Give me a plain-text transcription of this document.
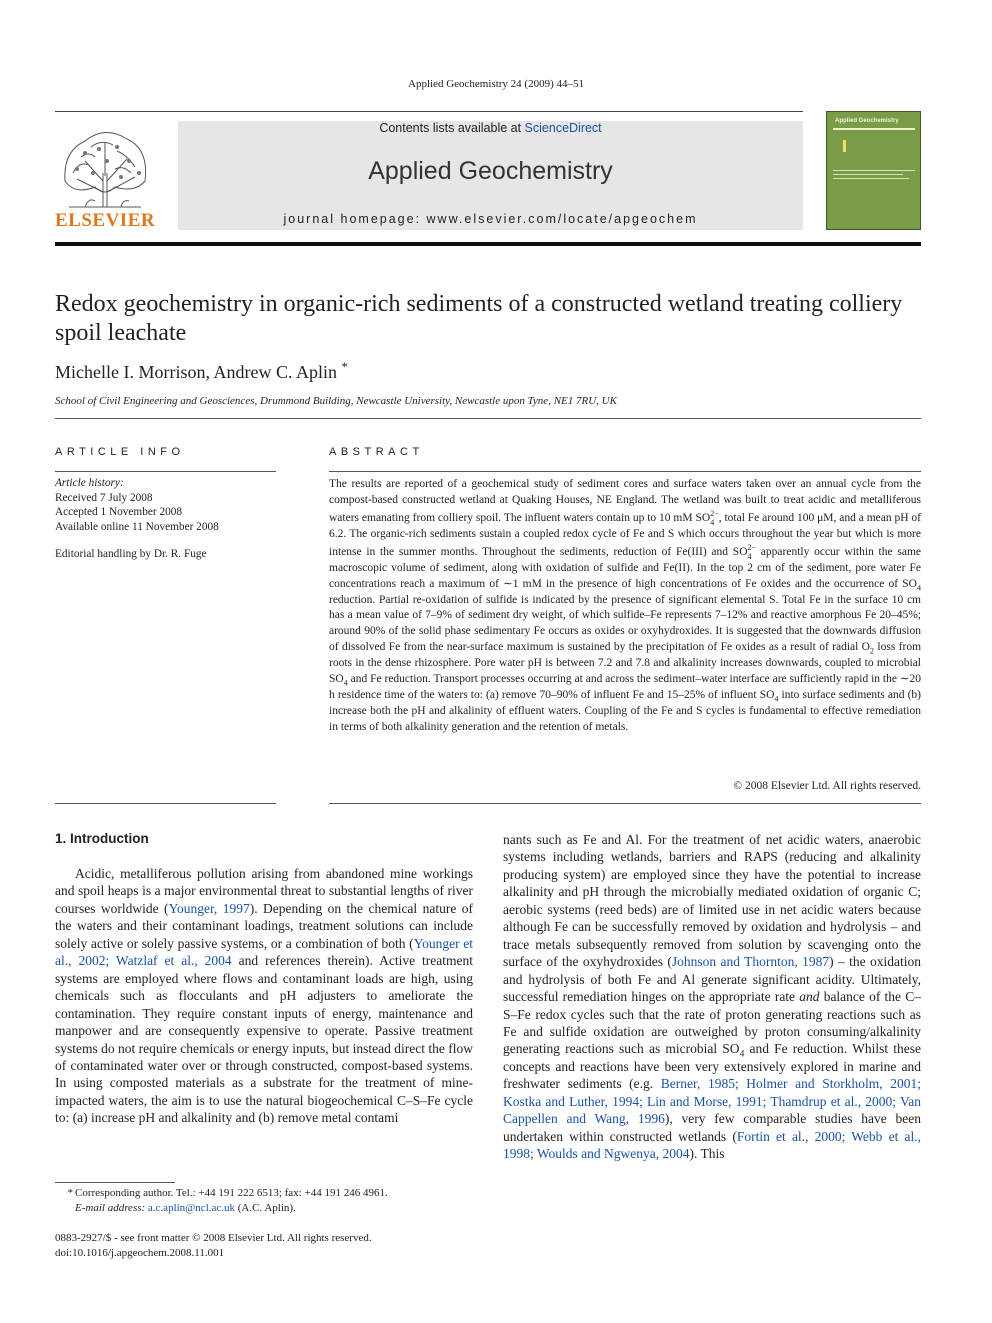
Applied Geochemistry 24 (2009) 44–51
ELSEVIER
Contents lists available at ScienceDirect
Applied Geochemistry
journal homepage: www.elsevier.com/locate/apgeochem
Applied Geochemistry
Redox geochemistry in organic-rich sediments of a constructed wetland treating colliery spoil leachate
Michelle I. Morrison, Andrew C. Aplin *
School of Civil Engineering and Geosciences, Drummond Building, Newcastle University, Newcastle upon Tyne, NE1 7RU, UK
ARTICLE INFO	ABSTRACT
Article history:
Received 7 July 2008
Accepted 1 November 2008
Available online 11 November 2008
Editorial handling by Dr. R. Fuge
The results are reported of a geochemical study of sediment cores and surface waters taken over an annual cycle from the compost-based constructed wetland at Quaking Houses, NE England. The wetland was built to treat acidic and metalliferous waters emanating from colliery spoil. The influent waters contain up to 10 mM SO 2−
4 , total Fe around 100 μM, and a mean pH of 6.2. The organic-rich sediments sustain a coupled redox cycle of Fe and S which occurs throughout the year but which is more intense in the summer months. Throughout the sediments, reduction of Fe(III) and SO 2−
4 apparently occur within the same macroscopic volume of sediment, along with oxidation of sulfide and Fe(II). In the top 2 cm of the sediment, pore water Fe concentrations reach a maximum of ∼1 mM in the presence of high concentrations of Fe oxides and the occurrence of $SO_4$ reduction. Partial re-oxidation of sulfide is indicated by the presence of significant elemental S. Total Fe in the surface 10 cm has a mean value of 7–9% of sediment dry weight, of which sulfide–Fe represents 7–12% and reactive amorphous Fe 20–45%; around 90% of the solid phase sedimentary Fe occurs as oxides or oxyhydroxides. It is suggested that the downwards diffusion of dissolved Fe from the near-surface maximum is sustained by the precipitation of Fe oxides as a result of radial $O_2$ loss from roots in the dense rhizosphere. Pore water pH is between 7.2 and 7.8 and alkalinity increases downwards, coupled to microbial $SO_4$ and Fe reduction. Transport processes occurring at and across the sediment–water interface are sufficiently rapid in the ∼20 h residence time of the waters to: (a) remove 70–90% of influent Fe and 15–25% of influent $SO_4$ into surface sediments and (b) increase both the pH and alkalinity of effluent waters. Coupling of the Fe and S cycles is fundamental to effective remediation in terms of both alkalinity generation and the retention of metals.
© 2008 Elsevier Ltd. All rights reserved.
1. Introduction
Acidic, metalliferous pollution arising from abandoned mine workings and spoil heaps is a major environmental threat to substantial lengths of river courses worldwide (Younger, 1997). Depending on the chemical nature of the waters and their contaminant loadings, treatment solutions can include solely active or solely passive systems, or a combination of both (Younger et al., 2002; Watzlaf et al., 2004 and references therein). Active treatment systems are employed where flows and contaminant loads are high, using chemicals such as flocculants and pH adjusters to ameliorate the contamination. They require constant inputs of energy, maintenance and manpower and are consequently expensive to operate. Passive treatment systems do not require chemicals or energy inputs, but instead direct the flow of contaminated water over or through constructed, compost-based systems. In using composted materials as a substrate for the treatment of mine-impacted waters, the aim is to use the natural biogeochemical C–S–Fe cycle to: (a) increase pH and alkalinity and (b) remove metal contami
nants such as Fe and Al. For the treatment of net acidic waters, anaerobic systems including wetlands, barriers and RAPS (reducing and alkalinity producing system) are employed since they have the potential to increase alkalinity and pH through the microbially mediated oxidation of organic C; aerobic systems (reed beds) are of limited use in net acidic waters because although Fe can be successfully removed by oxidation and hydrolysis – and trace metals subsequently removed from solution by scavenging onto the surface of the oxyhydroxides (Johnson and Thornton, 1987) – the oxidation and hydrolysis of both Fe and Al generate significant acidity. Ultimately, successful remediation hinges on the appropriate rate and balance of the C–S–Fe redox cycles such that the rate of proton generating reactions such as Fe and sulfide oxidation are outweighed by proton consuming/alkalinity generating reactions such as microbial $SO_4$ and Fe reduction. Whilst these concepts and reactions have been very extensively explored in marine and freshwater sediments (e.g. Berner, 1985; Holmer and Storkholm, 2001; Kostka and Luther, 1994; Lin and Morse, 1991; Thamdrup et al., 2000; Van Cappellen and Wang, 1996), very few comparable studies have been undertaken within constructed wetlands (Fortin et al., 2000; Webb et al., 1998; Woulds and Ngwenya, 2004). This
* Corresponding author. Tel.: +44 191 222 6513; fax: +44 191 246 4961.
E-mail address: a.c.aplin@ncl.ac.uk (A.C. Aplin).
0883-2927/$ - see front matter © 2008 Elsevier Ltd. All rights reserved.
doi:10.1016/j.apgeochem.2008.11.001
